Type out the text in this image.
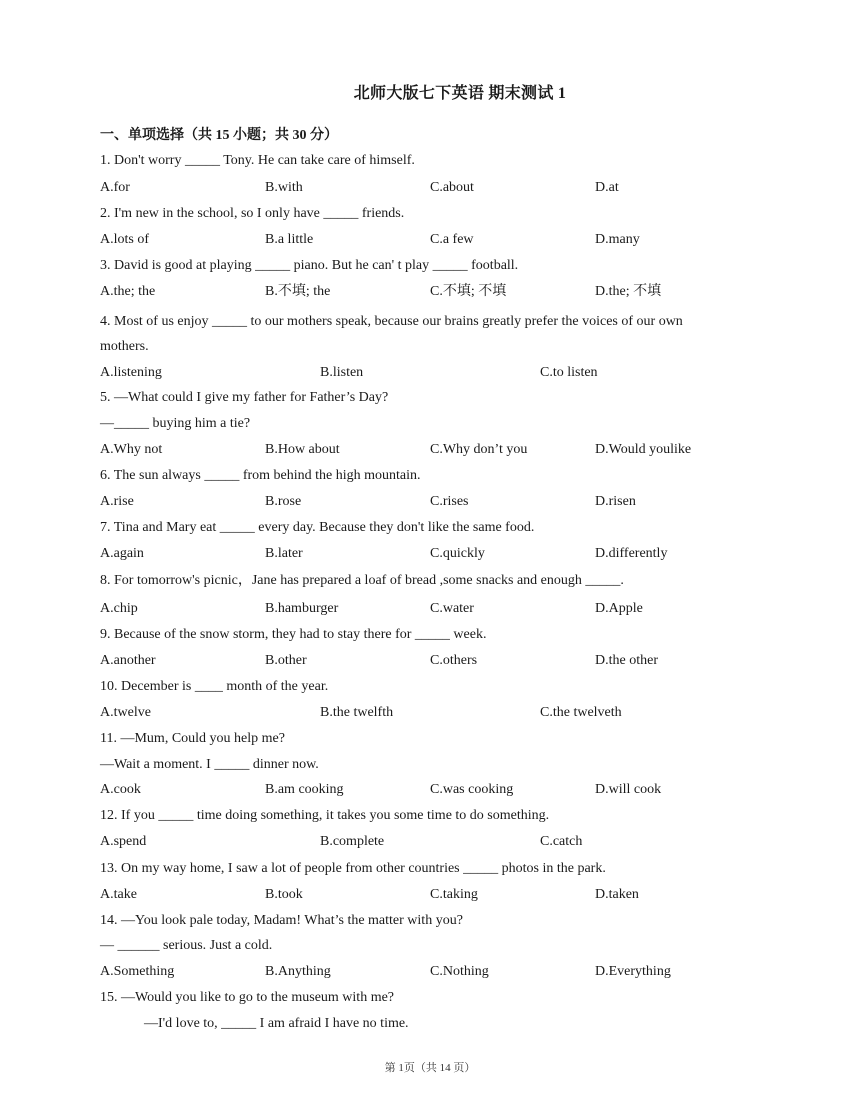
北师大版七下英语 期末测试 1
一、单项选择（共 15 小题；共 30 分）
1. Don't worry _____ Tony. He can take care of himself.
A.for	B.with	C.about	D.at
2. I'm new in the school, so I only have _____ friends.
A.lots of	B.a little	C.a few	D.many
3. David is good at playing _____ piano. But he can' t play _____ football.
A.the; the	B.不填; the	C.不填; 不填	D.the; 不填
4. Most of us enjoy _____ to our mothers speak, because our brains greatly prefer the voices of our own
mothers.
A.listening	B.listen	C.to listen
5. —What could I give my father for Father’s Day?
—_____ buying him a tie?
A.Why not	B.How about	C.Why don’t you	D.Would youlike
6. The sun always _____ from behind the high mountain.
A.rise	B.rose	C.rises	D.risen
7. Tina and Mary eat _____ every day. Because they don't like the same food.
A.again	B.later	C.quickly	D.differently
8. For tomorrow's picnic，Jane has prepared a loaf of bread ,some snacks and enough _____.
A.chip	B.hamburger	C.water	D.Apple
9. Because of the snow storm, they had to stay there for _____ week.
A.another	B.other	C.others	D.the other
10. December is ____ month of the year.
A.twelve	B.the twelfth	C.the twelveth
11. —Mum, Could you help me?
—Wait a moment. I _____ dinner now.
A.cook	B.am cooking	C.was cooking	D.will cook
12. If you _____ time doing something, it takes you some time to do something.
A.spend	B.complete	C.catch
13. On my way home, I saw a lot of people from other countries _____ photos in the park.
A.take	B.took	C.taking	D.taken
14. —You look pale today, Madam! What’s the matter with you?
— ______ serious. Just a cold.
A.Something	B.Anything	C.Nothing	D.Everything
15. —Would you like to go to the museum with me?
—I'd love to, _____ I am afraid I have no time.
第 1页（共 14 页）
